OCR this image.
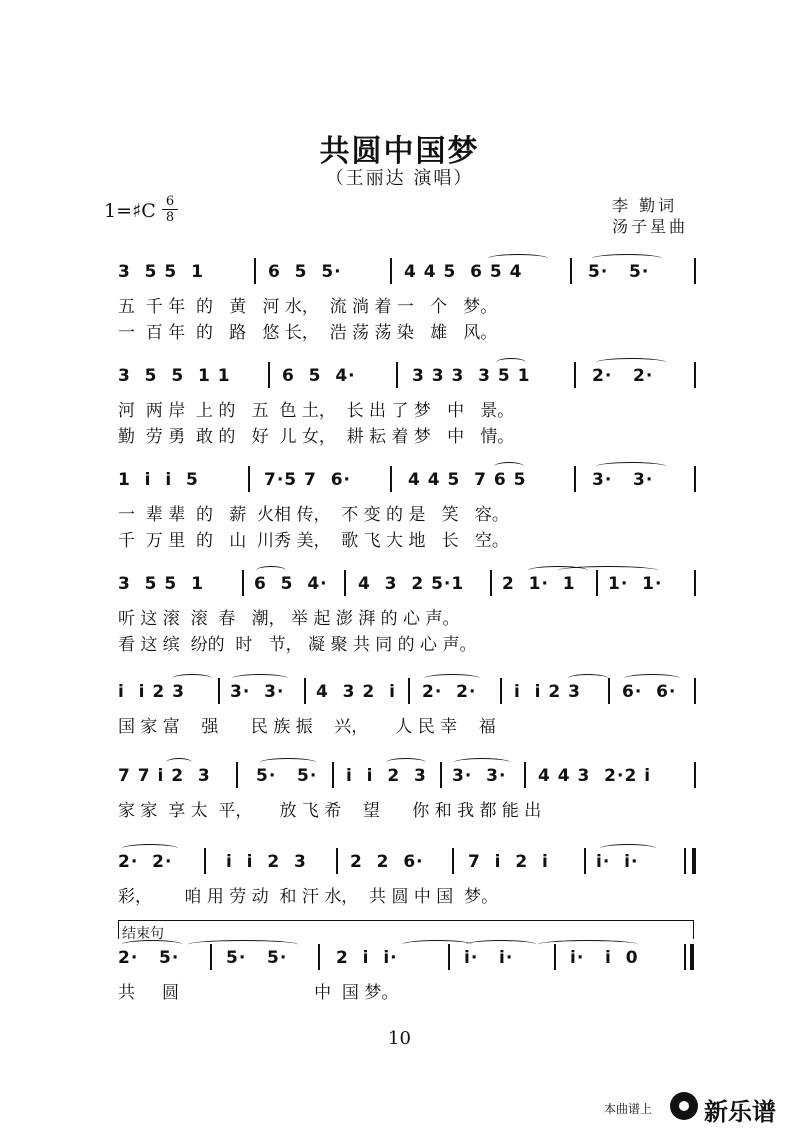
共圆中国梦
（王丽达 演唱）
1=♯C 6
8
李 勤词
汤子星曲
3  5 5  1	6  5  5·	4 4 5  6 5 4	5·   5·
五  千 年  的   黄   河 水，  流 淌 着 一   个   梦。
一  百 年  的   路   悠 长，  浩 荡 荡 染   雄   风。
3  5  5  1 1	6  5  4·	3 3 3  3 5 1	2·   2·
河  两 岸  上 的   五  色 土，  长 出 了 梦   中   景。
勤  劳 勇  敢 的   好  儿 女，  耕 耘 着 梦   中   情。
1  i  i  5	7·5 7  6·	4 4 5  7 6 5	3·   3·
一  辈 辈  的   薪  火相 传，  不 变 的 是   笑   容。
千  万 里  的   山  川秀 美，  歌 飞 大 地   长   空。
3  5 5  1	6  5  4· 4  3  2 5·1 2  1·  1 1·  1·
听 这 滚  滚  春   潮， 举 起 澎 湃 的 心 声。
看 这 缤  纷的  时   节， 凝 聚 共 同 的 心 声。
i  i 2 3	3·  3· 4  3 2  i 2·  2· i  i 2 3 6·  6·
国 家 富    强      民 族 振    兴，     人 民 幸    福
7 7 i 2  3	5·   5· i  i  2  3 3·  3· 4 4 3  2·2 i
家 家  享 太  平，     放 飞 希    望      你 和 我 都 能 出
2·  2·	i  i  2  3	2  2  6·	7  i  2  i	i·  i·
彩，      咱 用 劳 动  和 汗 水，  共 圆 中 国  梦。
结束句
2·   5·	5·   5·	2  i  i·	i·   i·	i·   i  0
共     圆                         中  国 梦。
10
本曲谱上 新乐谱
